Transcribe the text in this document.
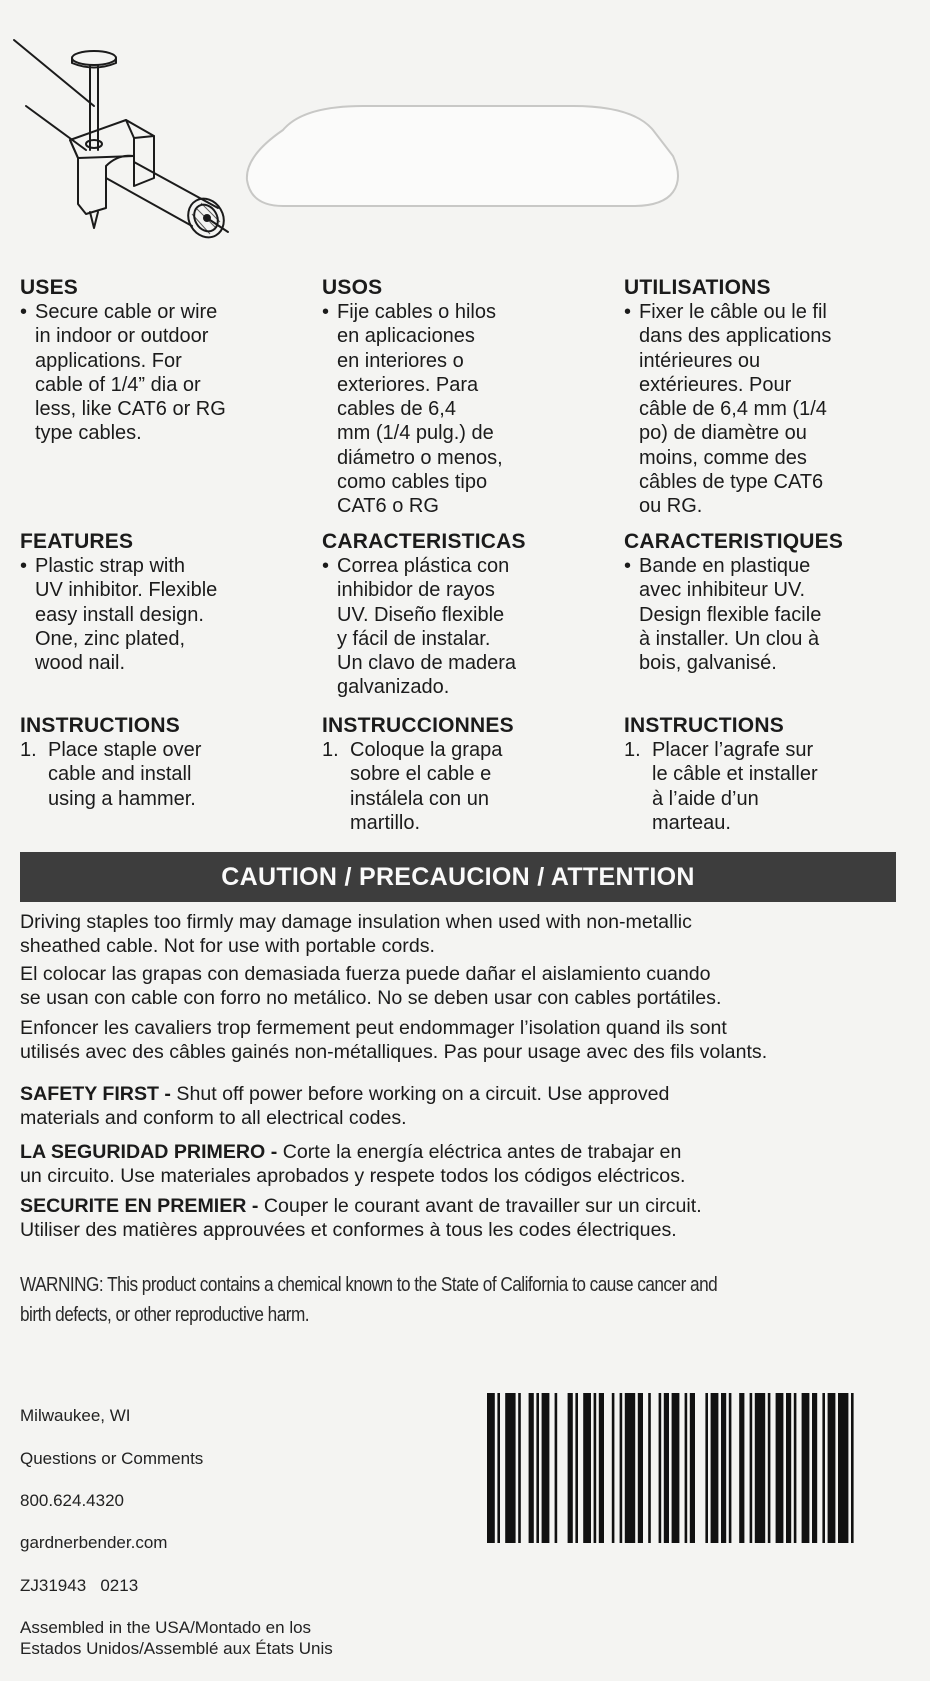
USES

• Secure cable or wire
in indoor or outdoor
applications. For
cable of 1/4” dia or
less, like CAT6 or RG
type cables.

FEATURES

• Plastic strap with
UV inhibitor. Flexible
easy install design.
One, zinc plated,
wood nail.

INSTRUCTIONS

1. Place staple over
cable and install
using a hammer.

USOS

• Fije cables o hilos
en aplicaciones
en interiores o
exteriores. Para
cables de 6,4
mm (1/4 pulg.) de
diámetro o menos,
como cables tipo
CAT6 o RG

CARACTERISTICAS

• Correa plástica con
inhibidor de rayos
UV. Diseño flexible
y fácil de instalar.
Un clavo de madera
galvanizado.

INSTRUCCIONNES

1. Coloque la grapa
sobre el cable e
instálela con un
martillo.

UTILISATIONS

• Fixer le câble ou le fil
dans des applications
intérieures ou
extérieures. Pour
câble de 6,4 mm (1/4
po) de diamètre ou
moins, comme des
câbles de type CAT6
ou RG.

CARACTERISTIQUES

• Bande en plastique
avec inhibiteur UV.
Design flexible facile
à installer. Un clou à
bois, galvanisé.

INSTRUCTIONS

1. Placer l’agrafe sur
le câble et installer
à l’aide d’un
marteau.

CAUTION / PRECAUCION / ATTENTION

Driving staples too firmly may damage insulation when used with non-metallic
sheathed cable. Not for use with portable cords.

El colocar las grapas con demasiada fuerza puede dañar el aislamiento cuando
se usan con cable con forro no metálico. No se deben usar con cables portátiles.

Enfoncer les cavaliers trop fermement peut endommager l’isolation quand ils sont
utilisés avec des câbles gainés non-métalliques. Pas pour usage avec des fils volants.

SAFETY FIRST - Shut off power before working on a circuit. Use approved
materials and conform to all electrical codes.

LA SEGURIDAD PRIMERO - Corte la energía eléctrica antes de trabajar en
un circuito. Use materiales aprobados y respete todos los códigos eléctricos.

SECURITE EN PREMIER - Couper le courant avant de travailler sur un circuit.
Utiliser des matières approuvées et conformes à tous les codes électriques.

WARNING: This product contains a chemical known to the State of California to cause cancer and
birth defects, or other reproductive harm.

Milwaukee, WI

Questions or Comments

800.624.4320

gardnerbender.com

ZJ31943   0213

Assembled in the USA/Montado en los
Estados Unidos/Assemblé aux États Unis
